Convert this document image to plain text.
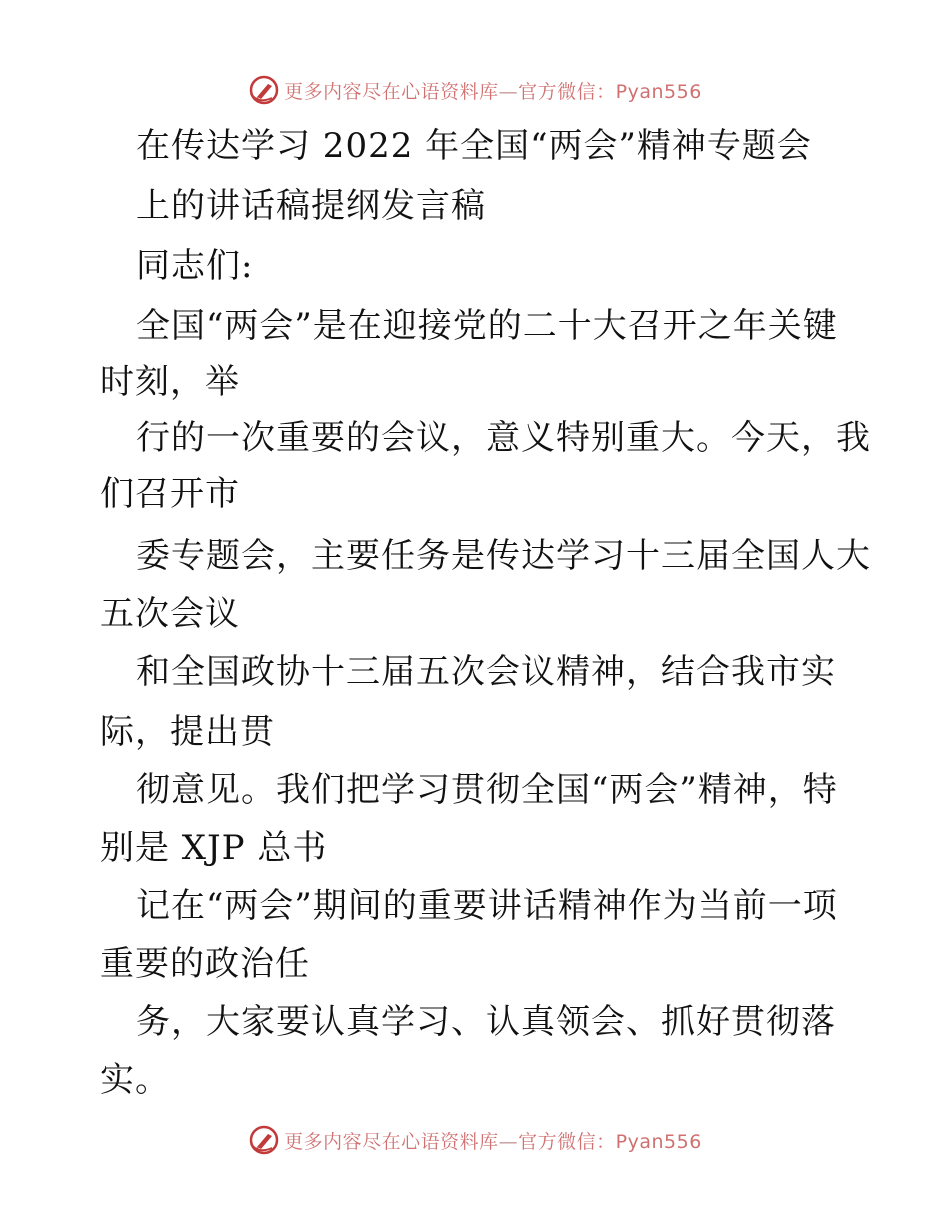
更多内容尽在心语资料库—官方微信：Pyan556
在传达学习 2022 年全国“两会”精神专题会
上的讲话稿提纲发言稿
同志们:
全国“两会”是在迎接党的二十大召开之年关键
时刻，举
行的一次重要的会议，意义特别重大。今天，我
们召开市
委专题会，主要任务是传达学习十三届全国人大
五次会议
和全国政协十三届五次会议精神，结合我市实
际，提出贯
彻意见。我们把学习贯彻全国“两会”精神，特
别是 XJP 总书
记在“两会”期间的重要讲话精神作为当前一项
重要的政治任
务，大家要认真学习、认真领会、抓好贯彻落
实。
更多内容尽在心语资料库—官方微信：Pyan556
